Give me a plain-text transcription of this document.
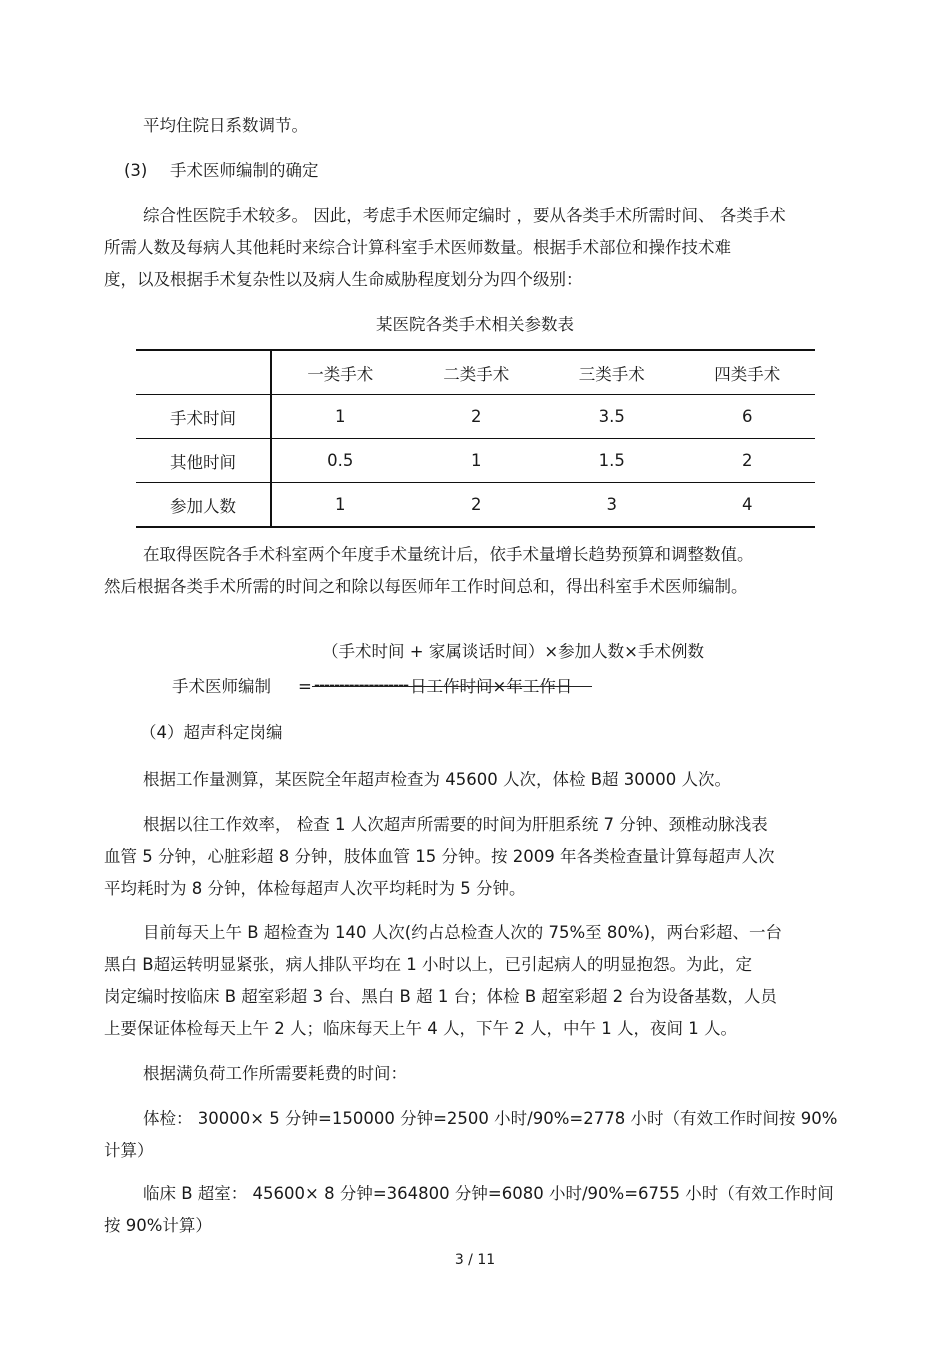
平均住院日系数调节。
(3) 手术医师编制的确定
综合性医院手术较多。 因此，考虑手术医师定编时 ，要从各类手术所需时间、 各类手术
所需人数及每病人其他耗时来综合计算科室手术医师数量。根据手术部位和操作技术难
度，以及根据手术复杂性以及病人生命威胁程度划分为四个级别：
某医院各类手术相关参数表
	一类手术	二类手术	三类手术	四类手术
手术时间	1	2	3.5	6
其他时间	0.5	1	1.5	2
参加人数	1	2	3	4
在取得医院各手术科室两个年度手术量统计后，依手术量增长趋势预算和调整数值。
然后根据各类手术所需的时间之和除以每医师年工作时间总和，得出科室手术医师编制。
（手术时间 + 家属谈话时间）×参加人数×手术例数
手术医师编制 = ------------------- 日工作时间×年工作日
（4）超声科定岗编
根据工作量测算，某医院全年超声检查为 45600 人次，体检 B超 30000 人次。
根据以往工作效率， 检查 1 人次超声所需要的时间为肝胆系统 7 分钟、颈椎动脉浅表
血管 5 分钟，心脏彩超 8 分钟，肢体血管 15 分钟。按 2009 年各类检查量计算每超声人次
平均耗时为 8 分钟，体检每超声人次平均耗时为 5 分钟。
目前每天上午 B 超检查为 140 人次(约占总检查人次的 75%至 80%)，两台彩超、一台
黑白 B超运转明显紧张，病人排队平均在 1 小时以上，已引起病人的明显抱怨。为此，定
岗定编时按临床 B 超室彩超 3 台、黑白 B 超 1 台；体检 B 超室彩超 2 台为设备基数，人员
上要保证体检每天上午 2 人；临床每天上午 4 人，下午 2 人，中午 1 人，夜间 1 人。
根据满负荷工作所需要耗费的时间：
体检： 30000× 5 分钟=150000 分钟=2500 小时/90%=2778 小时（有效工作时间按 90%
计算）
临床 B 超室： 45600× 8 分钟=364800 分钟=6080 小时/90%=6755 小时（有效工作时间
按 90%计算）
3 / 11
